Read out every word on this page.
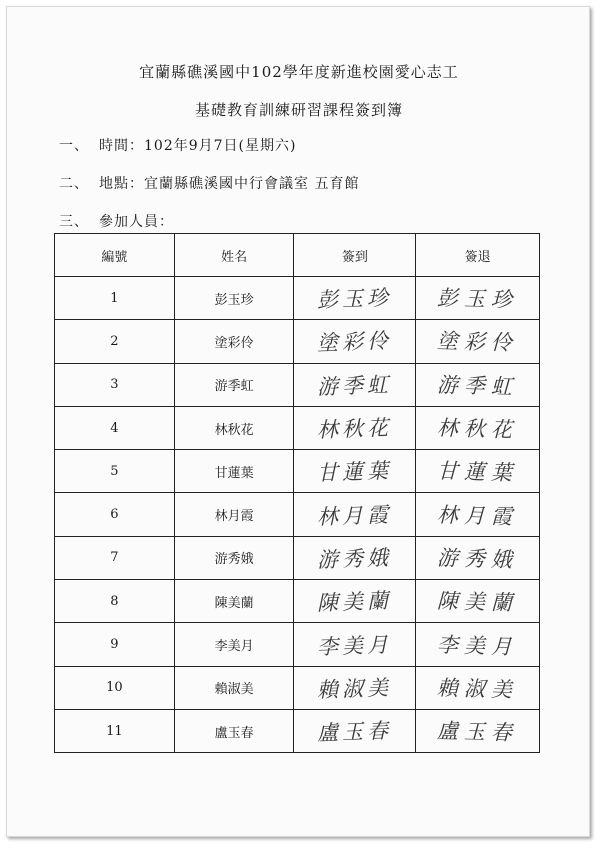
宜蘭縣礁溪國中102學年度新進校園愛心志工
基礎教育訓練研習課程簽到簿
一、 時間：102年9月7日(星期六)
二、 地點：宜蘭縣礁溪國中行會議室 五育館
三、 參加人員：
編號	姓名	簽到	簽退
1	彭玉珍	彭玉珍	彭玉珍
2	塗彩伶	塗彩伶	塗彩伶
3	游季虹	游季虹	游季虹
4	林秋花	林秋花	林秋花
5	甘蓮葉	甘蓮葉	甘蓮葉
6	林月霞	林月霞	林月霞
7	游秀娥	游秀娥	游秀娥
8	陳美蘭	陳美蘭	陳美蘭
9	李美月	李美月	李美月
10	賴淑美	賴淑美	賴淑美
11	盧玉春	盧玉春	盧玉春
